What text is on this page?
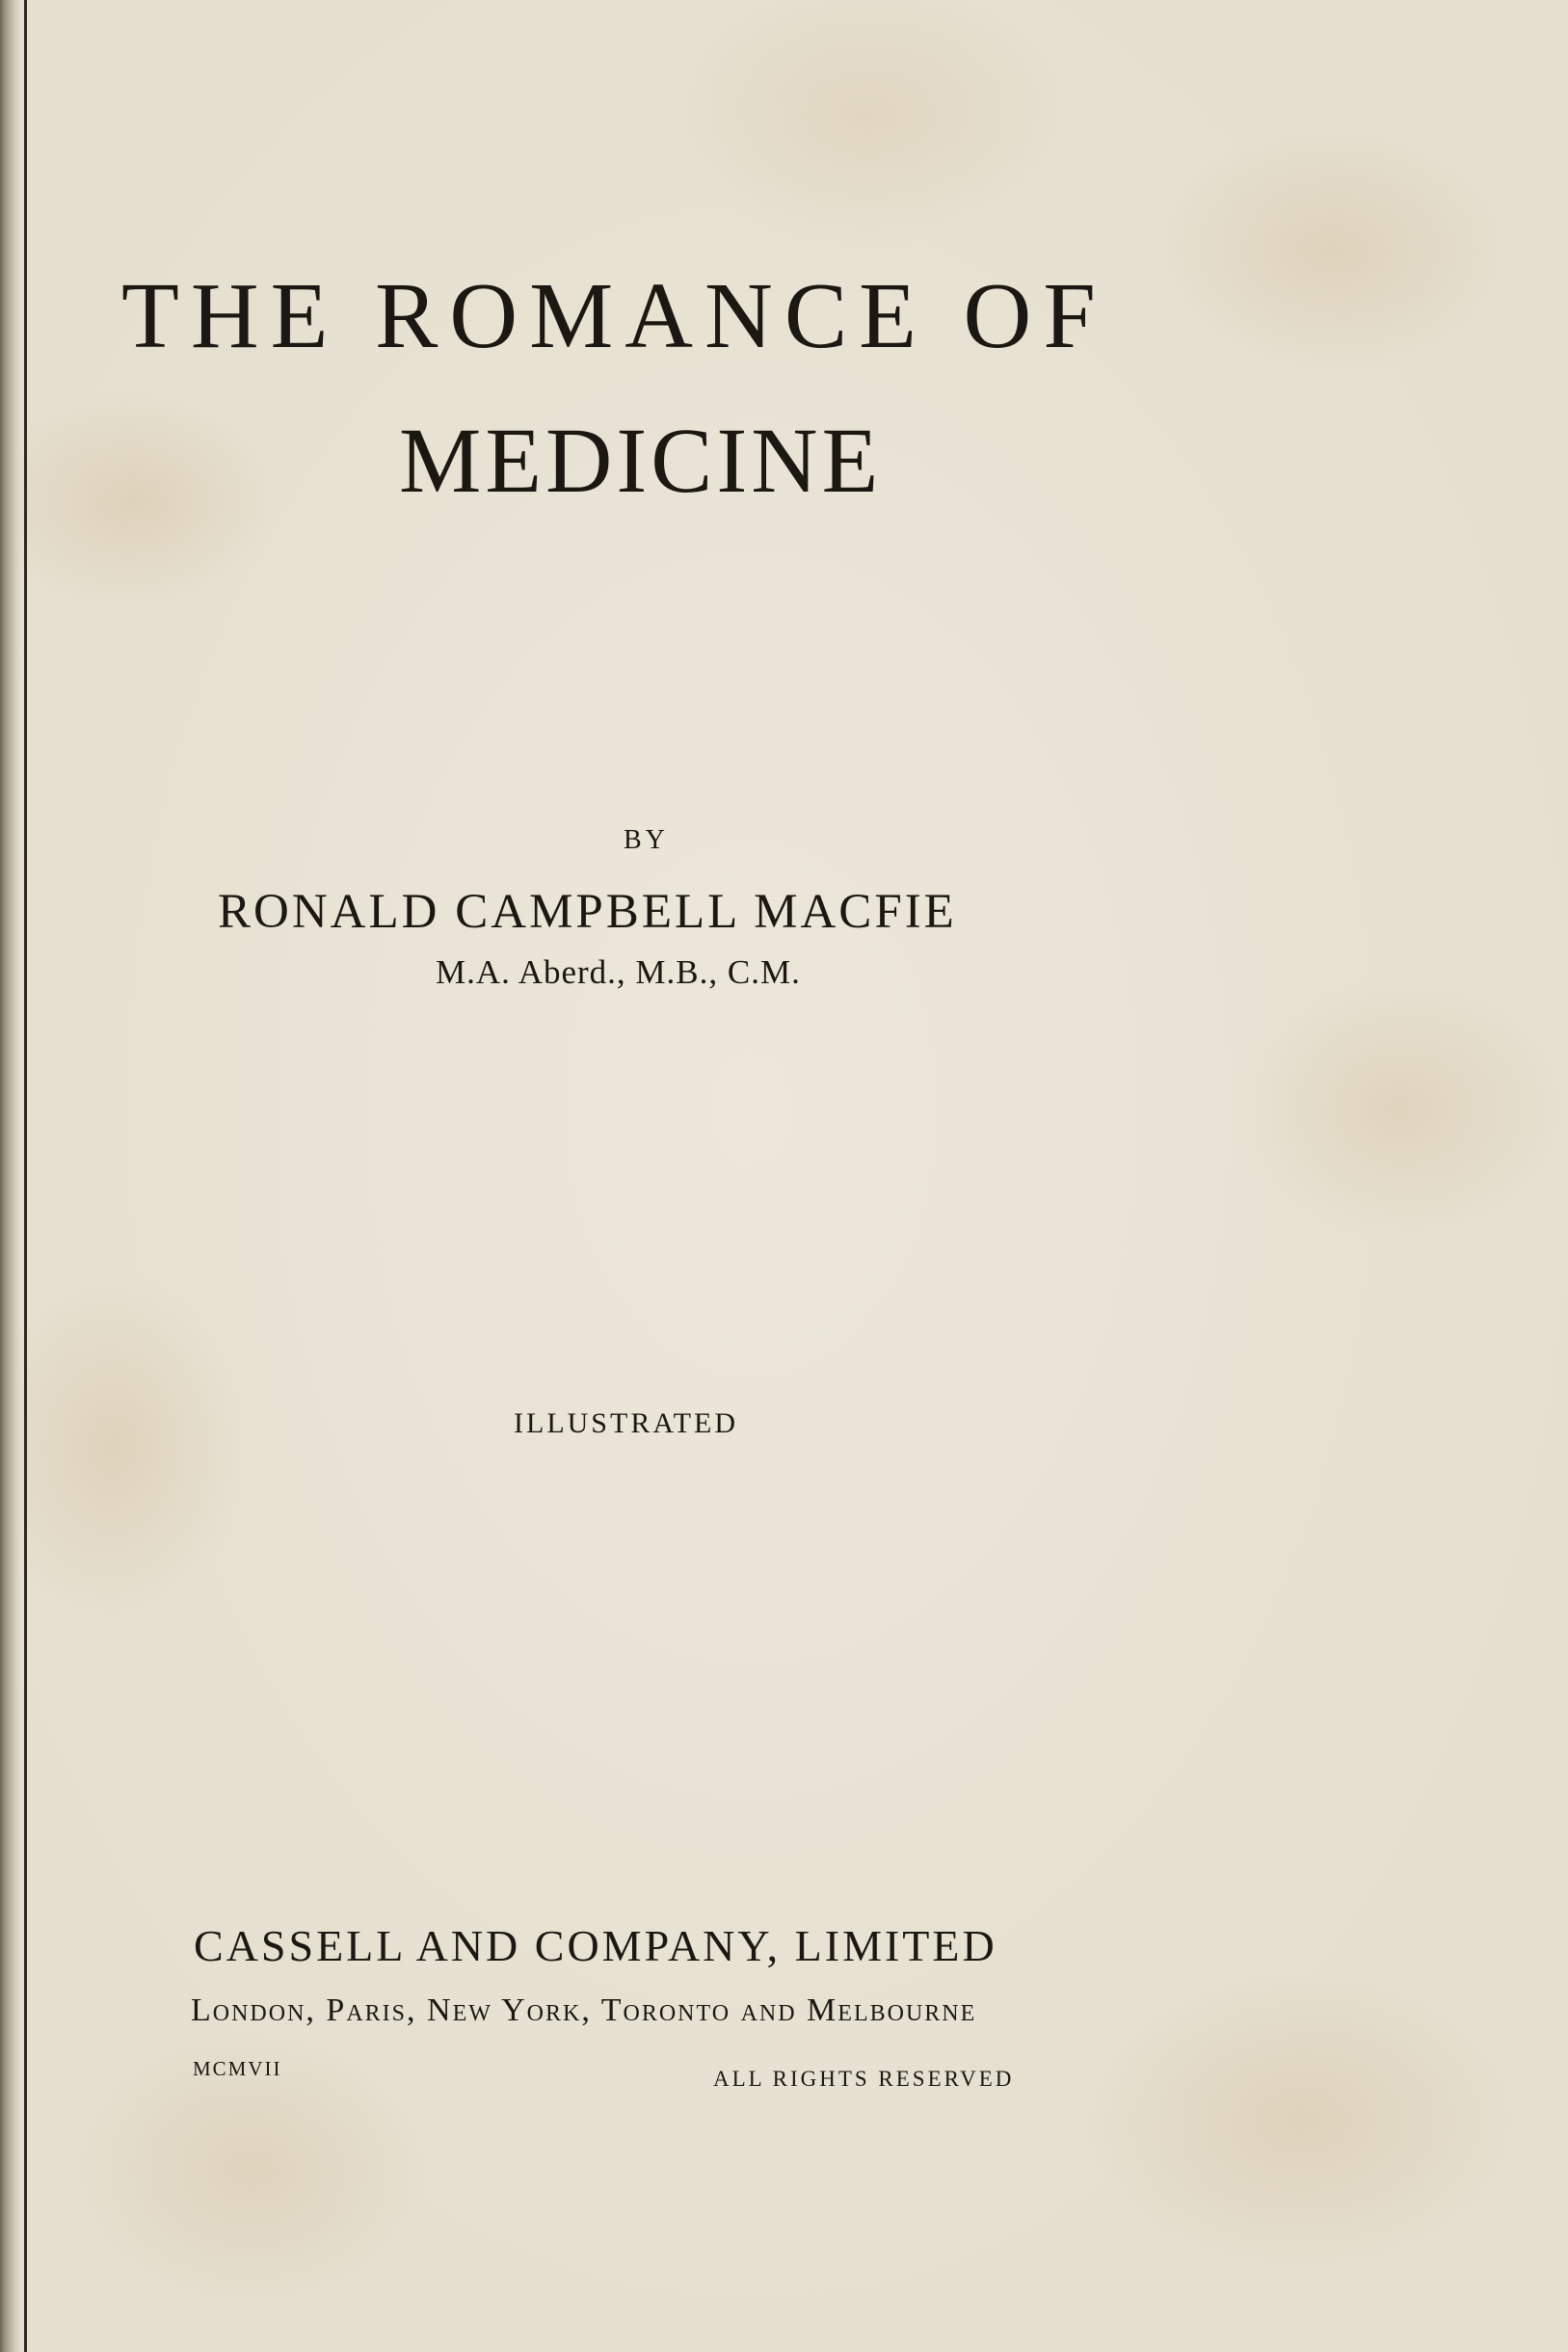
THE ROMANCE OF
MEDICINE
BY
RONALD CAMPBELL MACFIE
M.A. Aberd., M.B., C.M.
ILLUSTRATED
CASSELL AND COMPANY, LIMITED
London, Paris, New York, Toronto and Melbourne
MCMVII	ALL RIGHTS RESERVED
